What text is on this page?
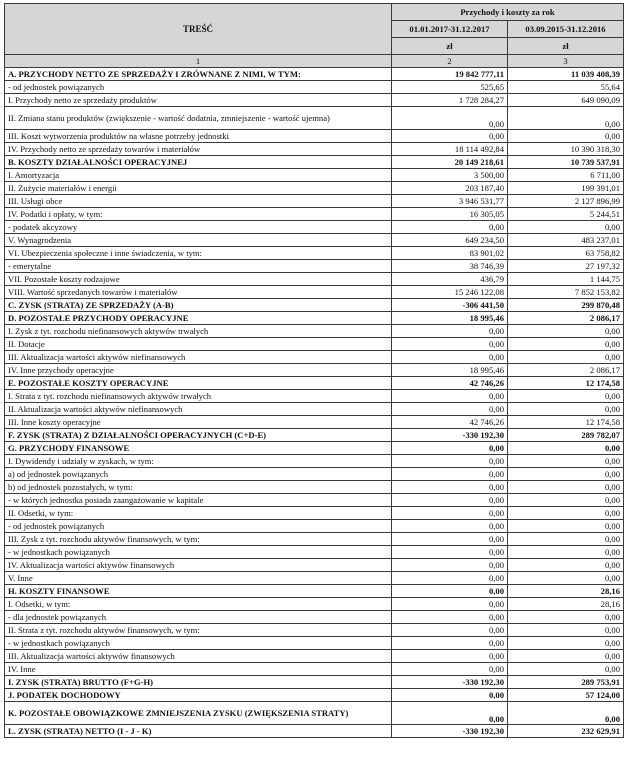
TREŚĆ	Przychody i koszty za rok	
	01.01.2017-31.12.2017	03.09.2015-31.12.2016
	zł	zł
1	2	3
A. PRZYCHODY NETTO ZE SPRZEDAŻY I ZRÓWNANE Z NIMI, W TYM:	19 842 777,11	11 039 408,39
- od jednostek powiązanych	525,65	55,64
I. Przychody netto ze sprzedaży produktów	1 728 284,27	649 090,09
II. Zmiana stanu produktów (zwiększenie - wartość dodatnia, zmniejszenie - wartość ujemna)	0,00	0,00
III. Koszt wytworzenia produktów na własne potrzeby jednostki	0,00	0,00
IV. Przychody netto ze sprzedaży towarów i materiałów	18 114 492,84	10 390 318,30
B. KOSZTY DZIAŁALNOŚCI OPERACYJNEJ	20 149 218,61	10 739 537,91
I. Amortyzacja	3 500,00	6 711,00
II. Zużycie materiałów i energii	203 187,40	199 391,01
III. Usługi obce	3 946 531,77	2 127 896,99
IV. Podatki i opłaty, w tym:	16 305,05	5 244,51
- podatek akcyzowy	0,00	0,00
V. Wynagrodzenia	649 234,50	483 237,01
VI. Ubezpieczenia społeczne i inne świadczenia, w tym:	83 901,02	63 758,82
- emerytalne	38 746,39	27 197,32
VII. Pozostałe koszty rodzajowe	436,79	1 144,75
VIII. Wartość sprzedanych towarów i materiałów	15 246 122,08	7 852 153,82
C. ZYSK (STRATA) ZE SPRZEDAŻY (A-B)	-306 441,50	299 870,48
D. POZOSTAŁE PRZYCHODY OPERACYJNE	18 995,46	2 086,17
I. Zysk z tyt. rozchodu niefinansowych aktywów trwałych	0,00	0,00
II. Dotacje	0,00	0,00
III. Aktualizacja wartości aktywów niefinansowych	0,00	0,00
IV. Inne przychody operacyjne	18 995,46	2 086,17
E. POZOSTAŁE KOSZTY OPERACYJNE	42 746,26	12 174,58
I. Strata z tyt. rozchodu niefinansowych aktywów trwałych	0,00	0,00
II. Aktualizacja wartości aktywów niefinansowych	0,00	0,00
III. Inne koszty operacyjne	42 746,26	12 174,58
F. ZYSK (STRATA) Z DZIAŁALNOŚCI OPERACYJNYCH (C+D-E)	-330 192,30	289 782,07
G. PRZYCHODY FINANSOWE	0,00	0,00
I. Dywidendy i udziały w zyskach, w tym:	0,00	0,00
a) od jednostek powiązanych	0,00	0,00
b) od jednostek pozostałych, w tym:	0,00	0,00
- w których jednostka posiada zaangażowanie w kapitale	0,00	0,00
II. Odsetki, w tym:	0,00	0,00
- od jednostek powiązanych	0,00	0,00
III. Zysk z tyt. rozchodu aktywów finansowych, w tym:	0,00	0,00
- w jednostkach powiązanych	0,00	0,00
IV. Aktualizacja wartości aktywów finansowych	0,00	0,00
V. Inne	0,00	0,00
H. KOSZTY FINANSOWE	0,00	28,16
I. Odsetki, w tym:	0,00	28,16
- dla jednostek powiązanych	0,00	0,00
II. Strata z tyt. rozchodu aktywów finansowych, w tym:	0,00	0,00
- w jednostkach powiązanych	0,00	0,00
III. Aktualizacja wartości aktywów finansowych	0,00	0,00
IV. Inne	0,00	0,00
I. ZYSK (STRATA) BRUTTO (F+G-H)	-330 192,30	289 753,91
J. PODATEK DOCHODOWY	0,00	57 124,00
K. POZOSTAŁE OBOWIĄZKOWE ZMNIEJSZENIA ZYSKU (ZWIĘKSZENIA STRATY)	0,00	0,00
L. ZYSK (STRATA) NETTO (I - J - K)	-330 192,30	232 629,91
